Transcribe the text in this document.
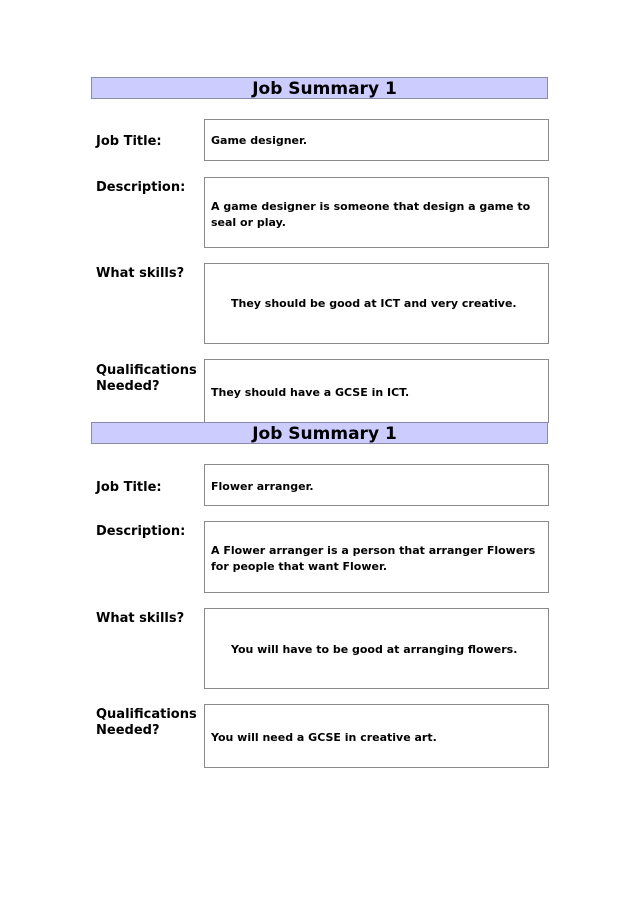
Job Summary 1
Job Title:	Game designer.
Description:
A game designer is someone that design a game to seal or play.
What skills?
They should be good at ICT and very creative.
Qualifications
Needed?	They should have a GCSE in ICT.
Job Summary 1
Job Title:	Flower arranger.
Description:
A Flower arranger is a person that arranger Flowers for people that want Flower.
What skills?
You will have to be good at arranging flowers.
Qualifications
Needed?	You will need a GCSE in creative art.
